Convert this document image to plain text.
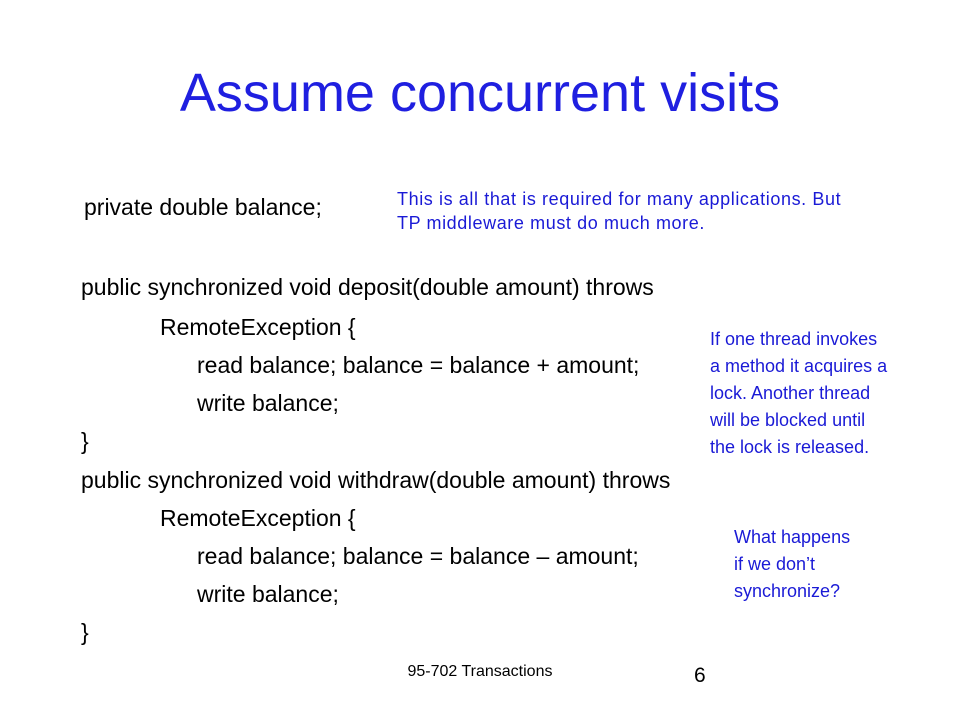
Assume concurrent visits
private double balance;
public synchronized void deposit(double amount) throws
RemoteException {
read balance; balance = balance + amount;
write balance;
}
public synchronized void withdraw(double amount) throws
RemoteException {
read balance; balance = balance – amount;
write balance;
}
This is all that is required for many applications. But
TP middleware must do much more.
If one thread invokes
a method it acquires a
lock. Another thread
will be blocked until
the lock is released.
What happens
if we don’t
synchronize?
95-702 Transactions	6
